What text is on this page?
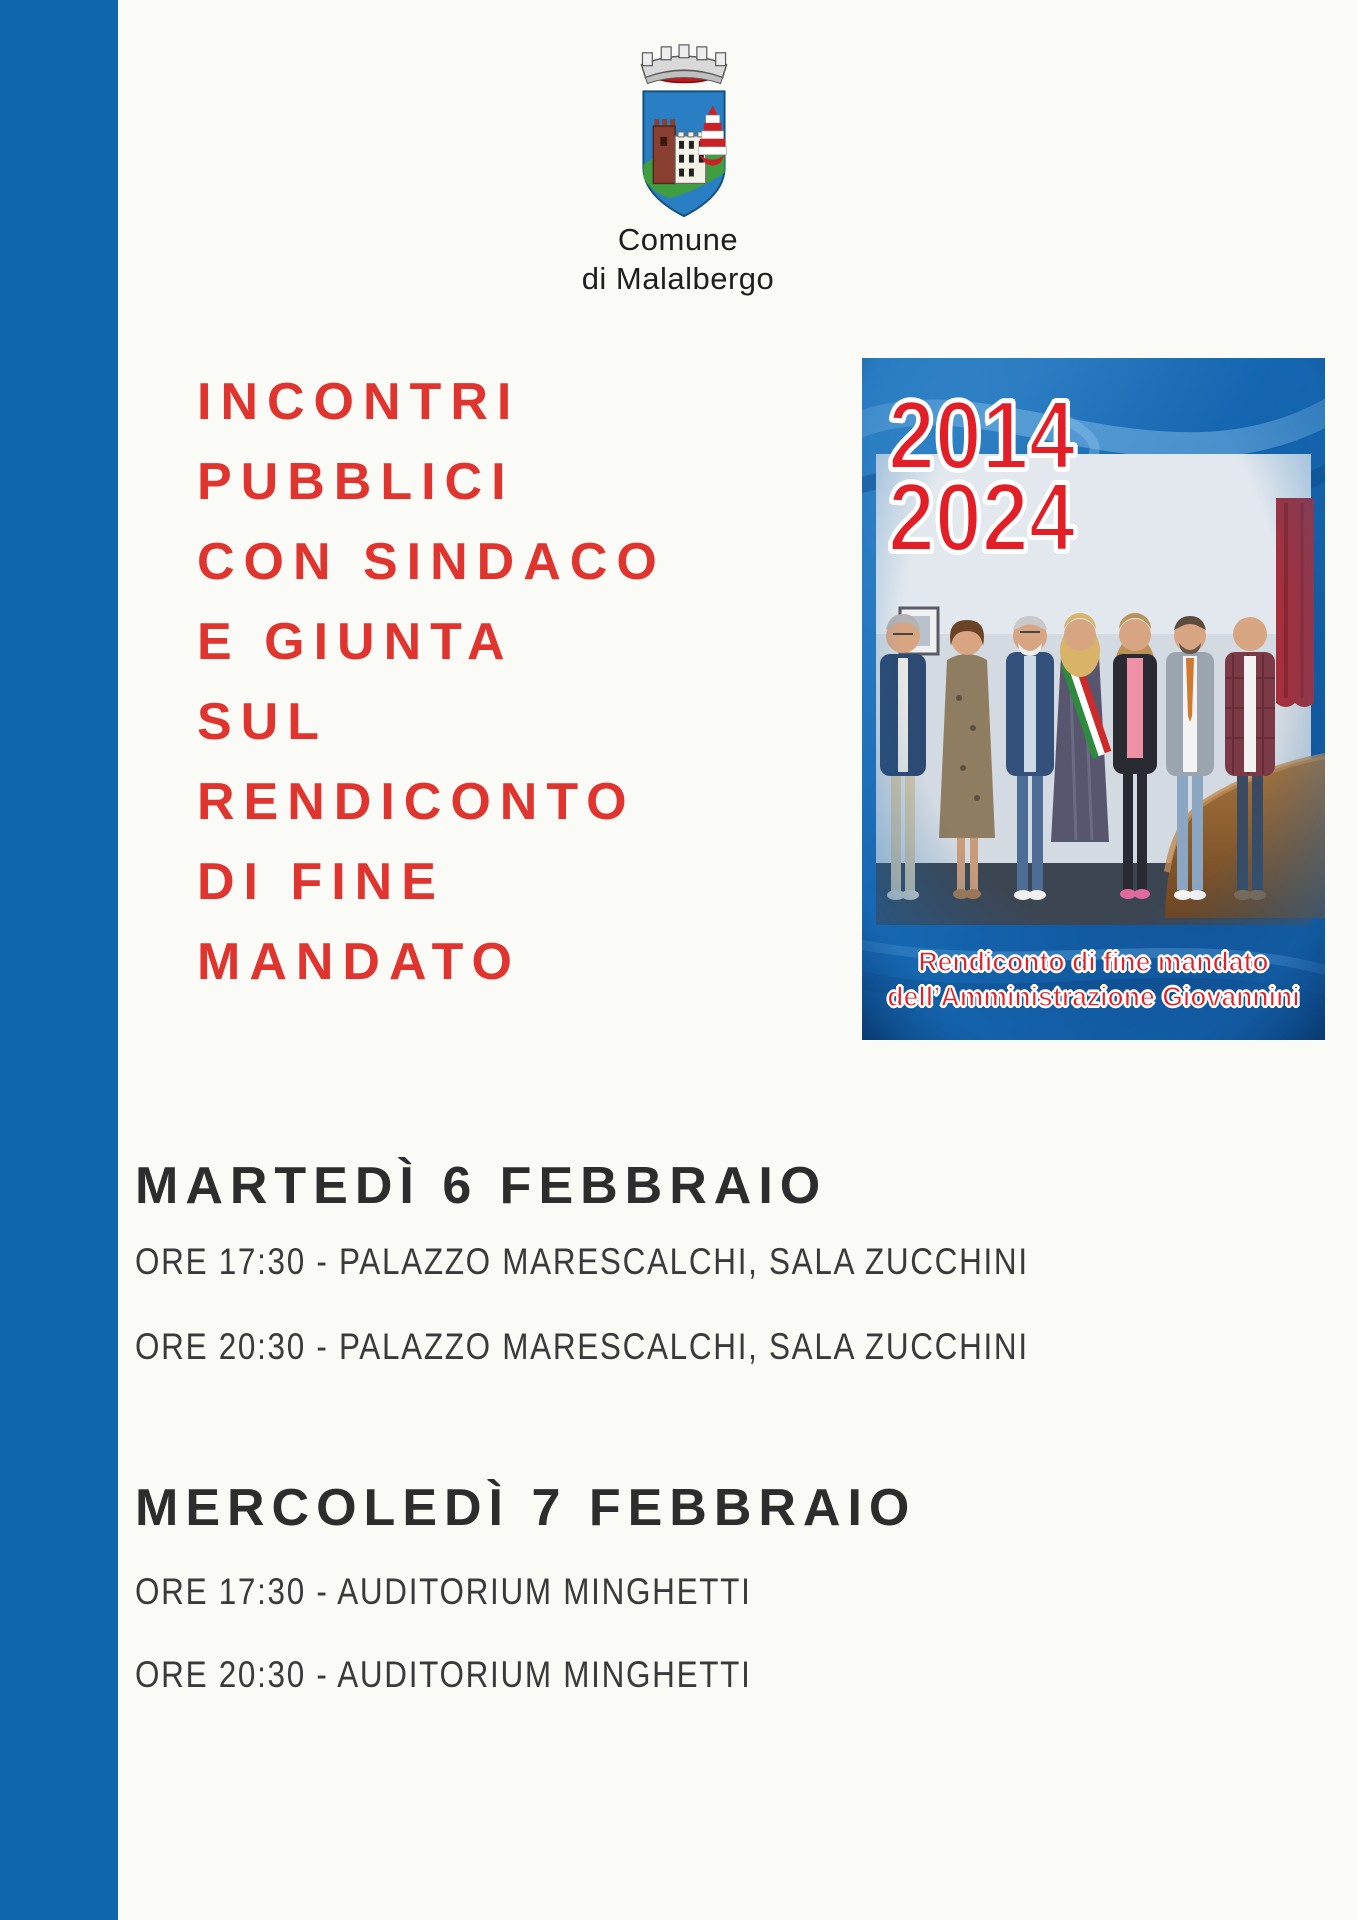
Comune
di Malalbergo
INCONTRI
PUBBLICI
CON SINDACO
E GIUNTA
SUL
RENDICONTO
DI FINE
MANDATO
2014
2024
Rendiconto di fine mandato
dell’Amministrazione Giovannini
MARTEDÌ 6 FEBBRAIO
ORE 17:30 - PALAZZO MARESCALCHI, SALA ZUCCHINI
ORE 20:30 - PALAZZO MARESCALCHI, SALA ZUCCHINI
MERCOLEDÌ 7 FEBBRAIO
ORE 17:30 - AUDITORIUM MINGHETTI
ORE 20:30 - AUDITORIUM MINGHETTI
